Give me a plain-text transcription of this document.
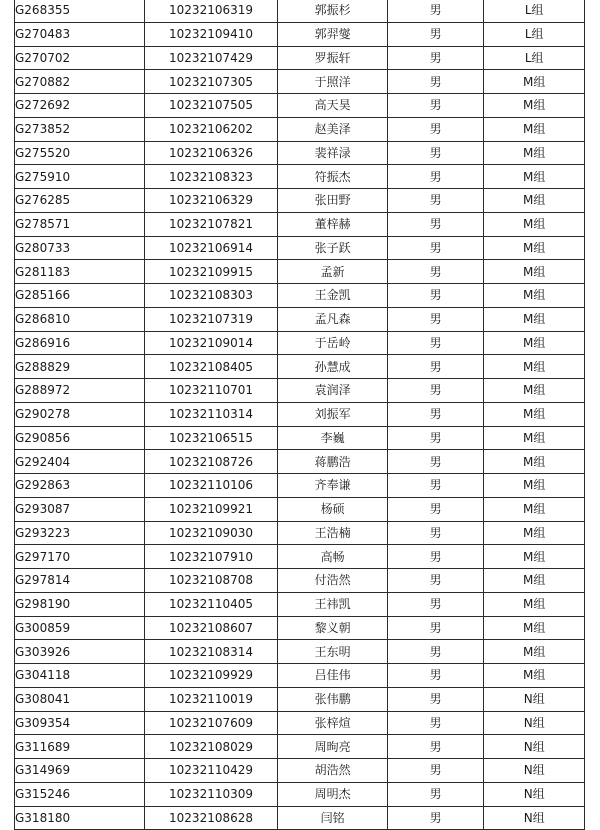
G268355	10232106319	郭振杉	男	L组
G270483	10232109410	郭羿燮	男	L组
G270702	10232107429	罗振轩	男	L组
G270882	10232107305	于照洋	男	M组
G272692	10232107505	高天昊	男	M组
G273852	10232106202	赵美泽	男	M组
G275520	10232106326	裴祥渌	男	M组
G275910	10232108323	符振杰	男	M组
G276285	10232106329	张田野	男	M组
G278571	10232107821	董梓赫	男	M组
G280733	10232106914	张子跃	男	M组
G281183	10232109915	孟新	男	M组
G285166	10232108303	王金凯	男	M组
G286810	10232107319	孟凡森	男	M组
G286916	10232109014	于岳岭	男	M组
G288829	10232108405	孙慧成	男	M组
G288972	10232110701	袁润泽	男	M组
G290278	10232110314	刘振军	男	M组
G290856	10232106515	李巍	男	M组
G292404	10232108726	蒋鹏浩	男	M组
G292863	10232110106	齐奉谦	男	M组
G293087	10232109921	杨硕	男	M组
G293223	10232109030	王浩楠	男	M组
G297170	10232107910	高畅	男	M组
G297814	10232108708	付浩然	男	M组
G298190	10232110405	王祎凯	男	M组
G300859	10232108607	黎义朝	男	M组
G303926	10232108314	王东明	男	M组
G304118	10232109929	吕佳伟	男	M组
G308041	10232110019	张伟鹏	男	N组
G309354	10232107609	张梓煊	男	N组
G311689	10232108029	周昫亮	男	N组
G314969	10232110429	胡浩然	男	N组
G315246	10232110309	周明杰	男	N组
G318180	10232108628	闫铭	男	N组
